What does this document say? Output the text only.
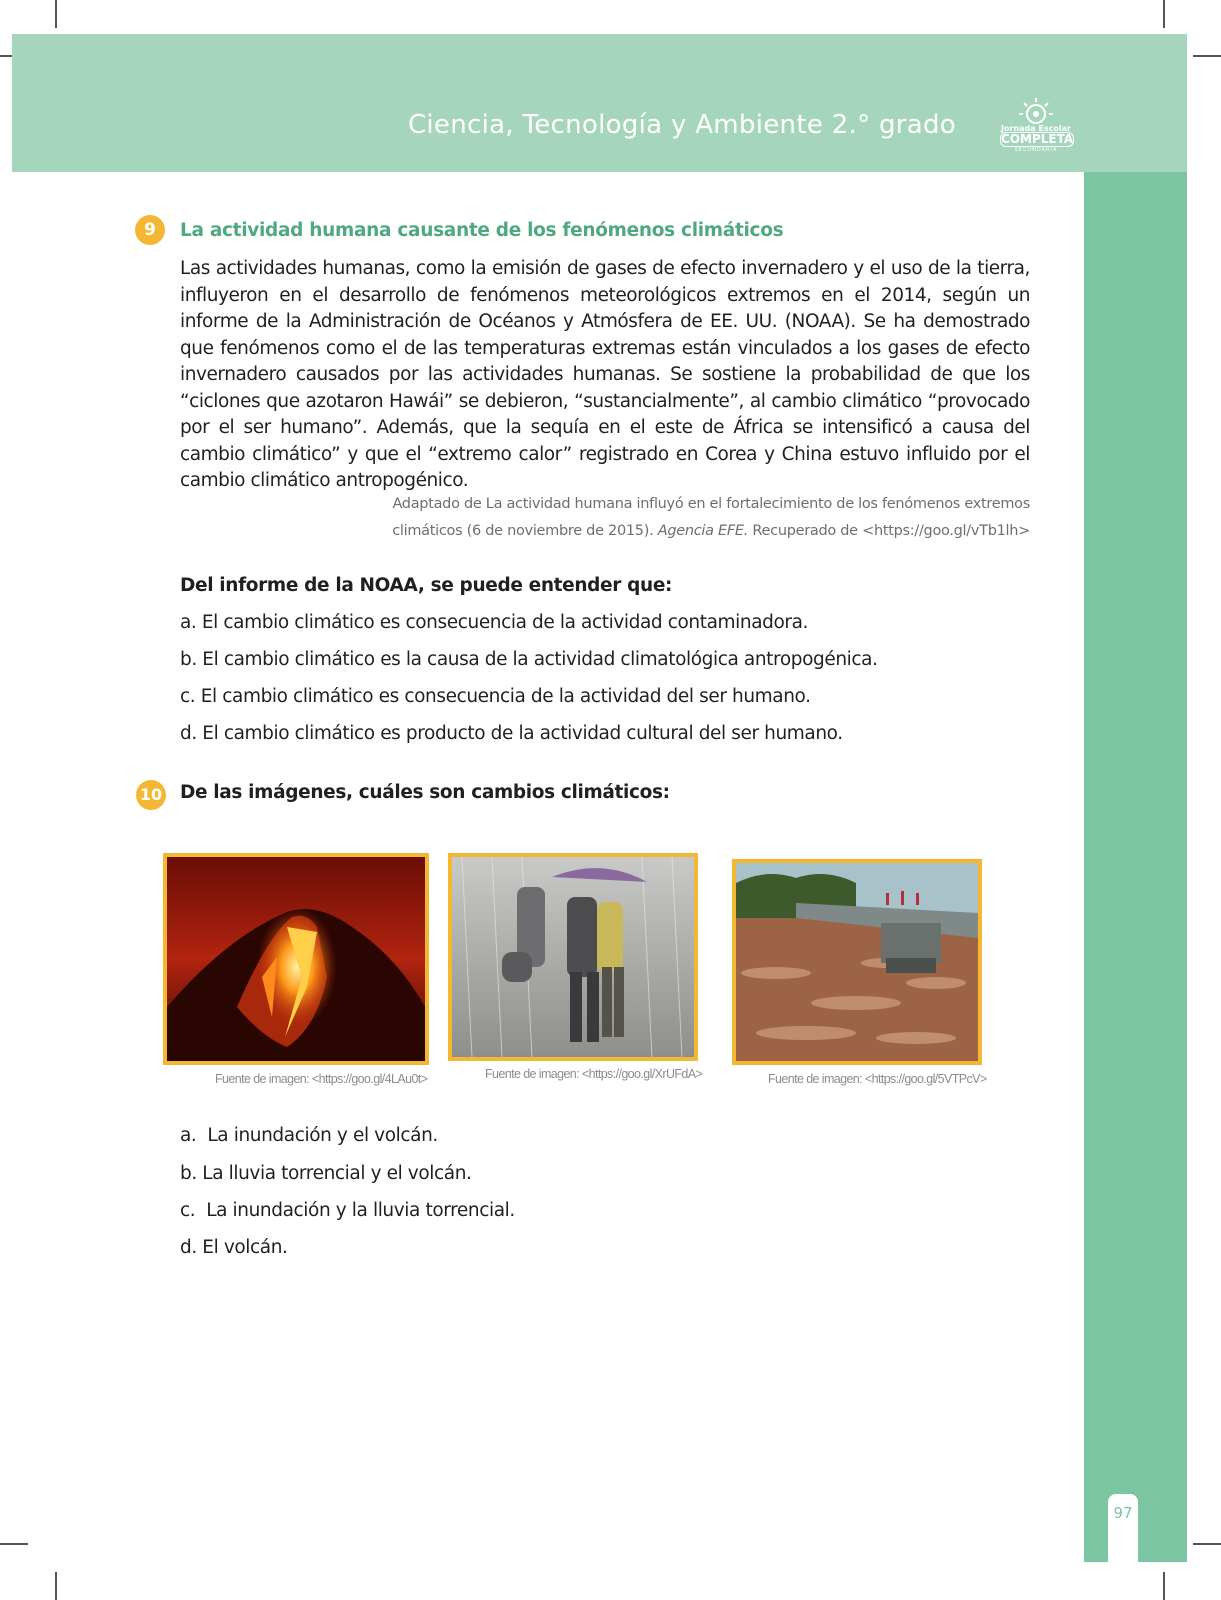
Ciencia, Tecnología y Ambiente 2.° grado	Jornada Escolar
COMPLETA
SECUNDARIA
97
9	La actividad humana causante de los fenómenos climáticos
Las actividades humanas, como la emisión de gases de efecto invernadero y el uso de la tierra, influyeron en el desarrollo de fenómenos meteorológicos extremos en el 2014, según un informe de la Administración de Océanos y Atmósfera de EE. UU. (NOAA). Se ha demostrado que fenómenos como el de las temperaturas extremas están vinculados a los gases de efecto invernadero causados por las actividades humanas. Se sostiene la probabilidad de que los “ciclones que azotaron Hawái” se debieron, “sustancialmente”, al cambio climático “provocado por el ser humano”. Además, que la sequía en el este de África se intensificó a causa del cambio climático” y que el “extremo calor” registrado en Corea y China estuvo influido por el cambio climático antropogénico.
Adaptado de La actividad humana influyó en el fortalecimiento de los fenómenos extremos
climáticos (6 de noviembre de 2015). Agencia EFE. Recuperado de <https://goo.gl/vTb1lh>
Del informe de la NOAA, se puede entender que:
a. El cambio climático es consecuencia de la actividad contaminadora.
b. El cambio climático es la causa de la actividad climatológica antropogénica.
c. El cambio climático es consecuencia de la actividad del ser humano.
d. El cambio climático es producto de la actividad cultural del ser humano.
10 De las imágenes, cuáles son cambios climáticos:
Fuente de imagen: <https://goo.gl/4LAu0t>	Fuente de imagen: <https://goo.gl/XrUFdA>	Fuente de imagen: <https://goo.gl/5VTPcV>
a.  La inundación y el volcán.
b. La lluvia torrencial y el volcán.
c.  La inundación y la lluvia torrencial.
d. El volcán.
